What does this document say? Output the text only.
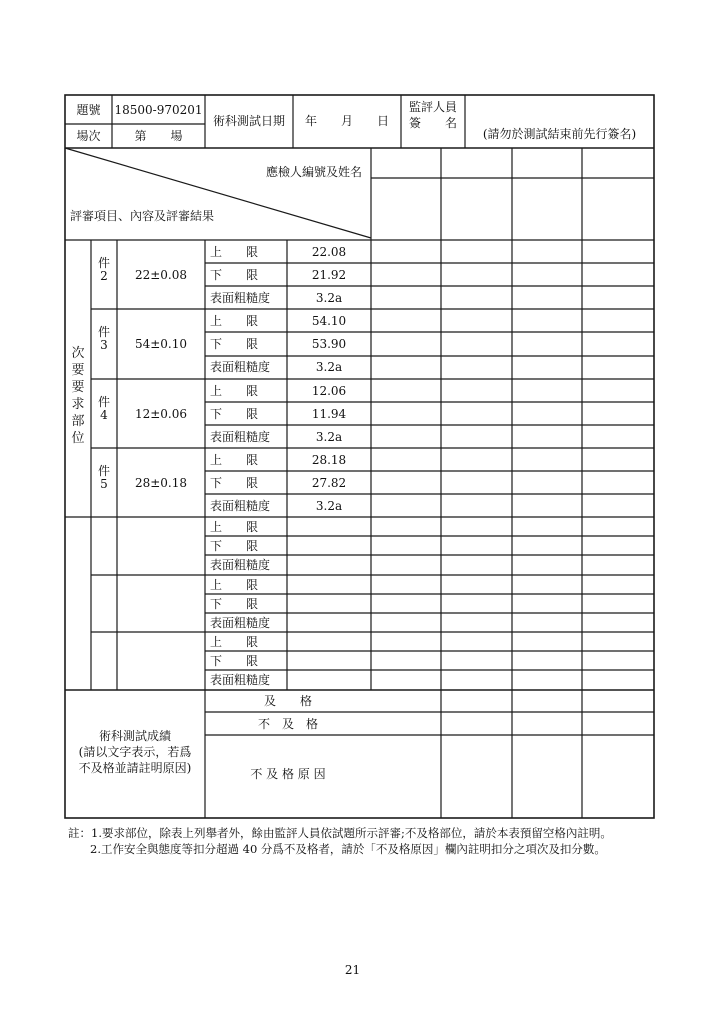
題號	18500-970201
場次	第　　場
術科測試日期	年　　月　　日
監評人員
簽　　名
(請勿於測試結束前先行簽名)
應檢人編號及姓名
評審項目、內容及評審結果
次要要求部位
件2	22±0.08
上　　限	22.08
下　　限	21.92
表面粗糙度	3.2a
件3	54±0.10
上　　限	54.10
下　　限	53.90
表面粗糙度	3.2a
件4	12±0.06
上　　限	12.06
下　　限	11.94
表面粗糙度	3.2a
件5	28±0.18
上　　限	28.18
下　　限	27.82
表面粗糙度	3.2a
上　　限
下　　限
表面粗糙度
上　　限
下　　限
表面粗糙度
上　　限
下　　限
表面粗糙度
術科測試成績
(請以文字表示，若爲
不及格並請註明原因)
及　　格
不　及　格
不 及 格 原 因
註：1.要求部位，除表上列舉者外，餘由監評人員依試題所示評審;不及格部位，請於本表預留空格內註明。
2.工作安全與態度等扣分超過 40 分爲不及格者，請於「不及格原因」欄內註明扣分之項次及扣分數。
21
